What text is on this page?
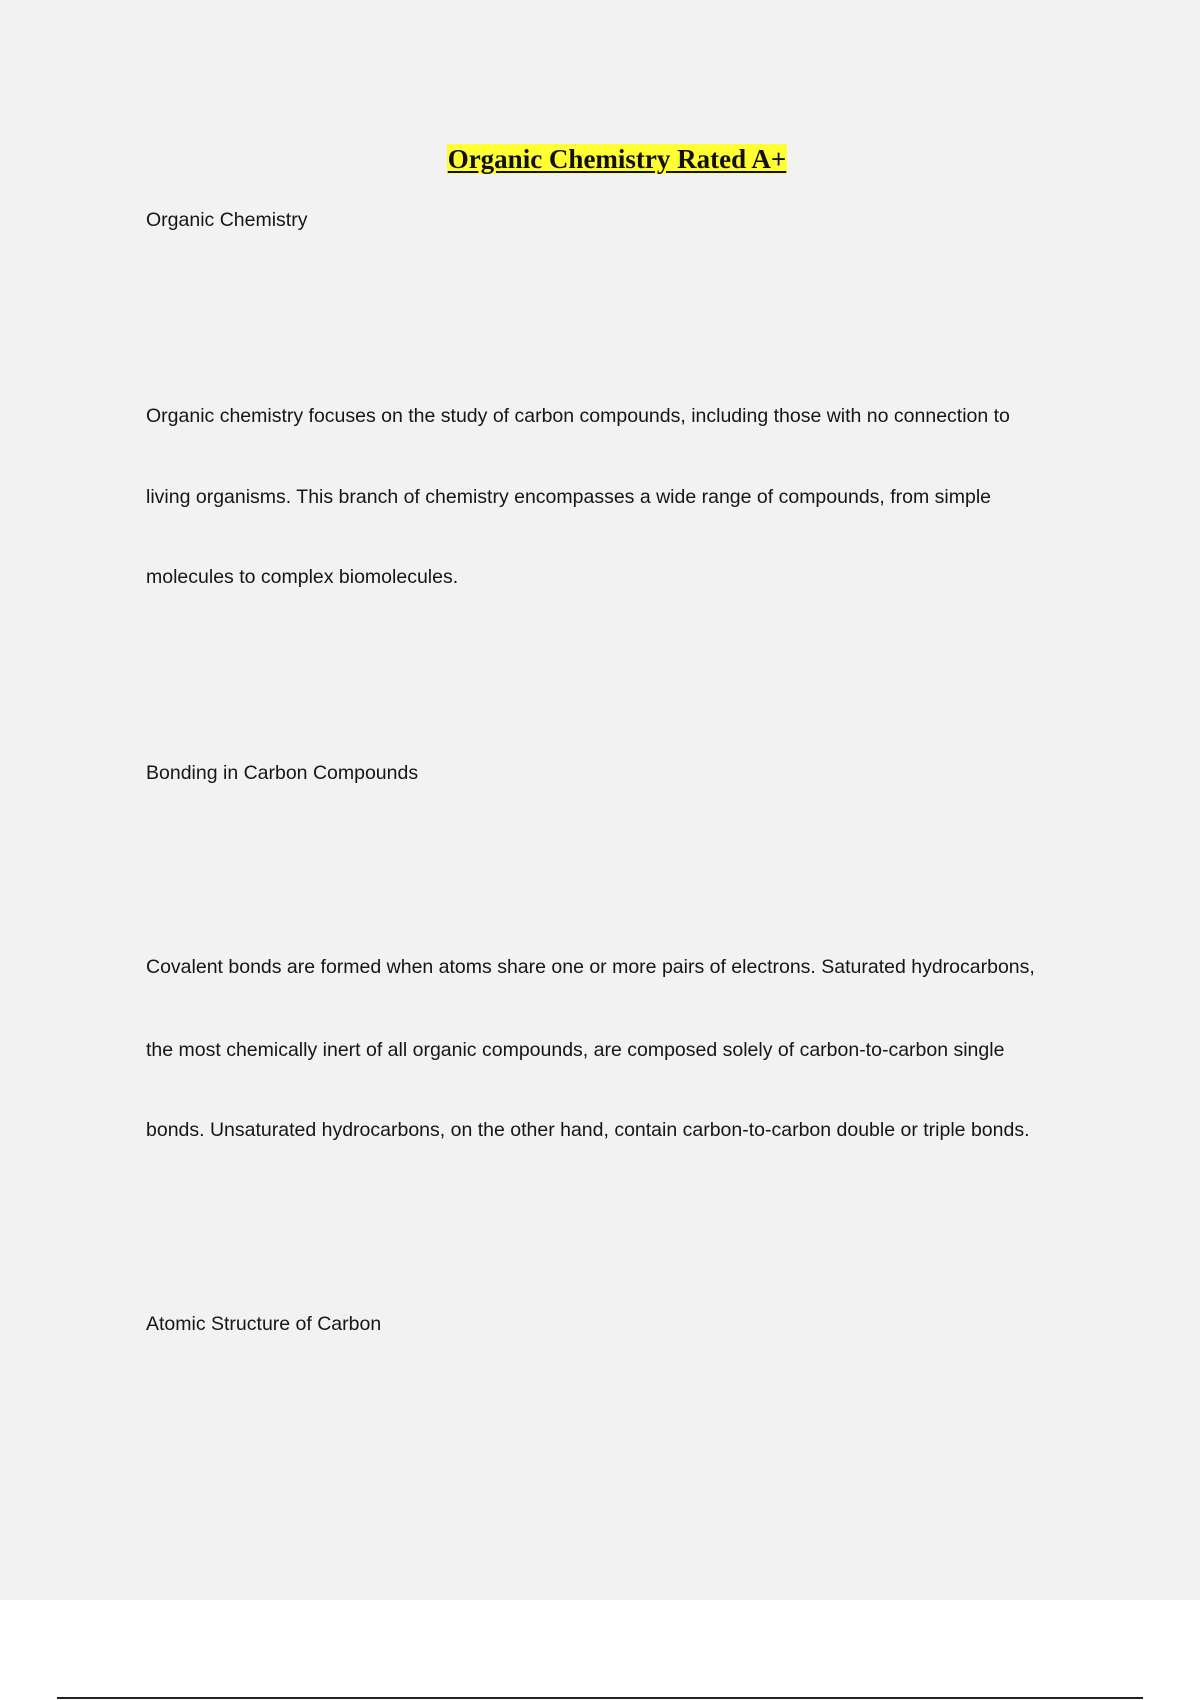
Organic Chemistry Rated A+

Organic Chemistry

Organic chemistry focuses on the study of carbon compounds, including those with no connection to

living organisms. This branch of chemistry encompasses a wide range of compounds, from simple

molecules to complex biomolecules.

Bonding in Carbon Compounds

Covalent bonds are formed when atoms share one or more pairs of electrons. Saturated hydrocarbons,

the most chemically inert of all organic compounds, are composed solely of carbon-to-carbon single

bonds. Unsaturated hydrocarbons, on the other hand, contain carbon-to-carbon double or triple bonds.

Atomic Structure of Carbon
